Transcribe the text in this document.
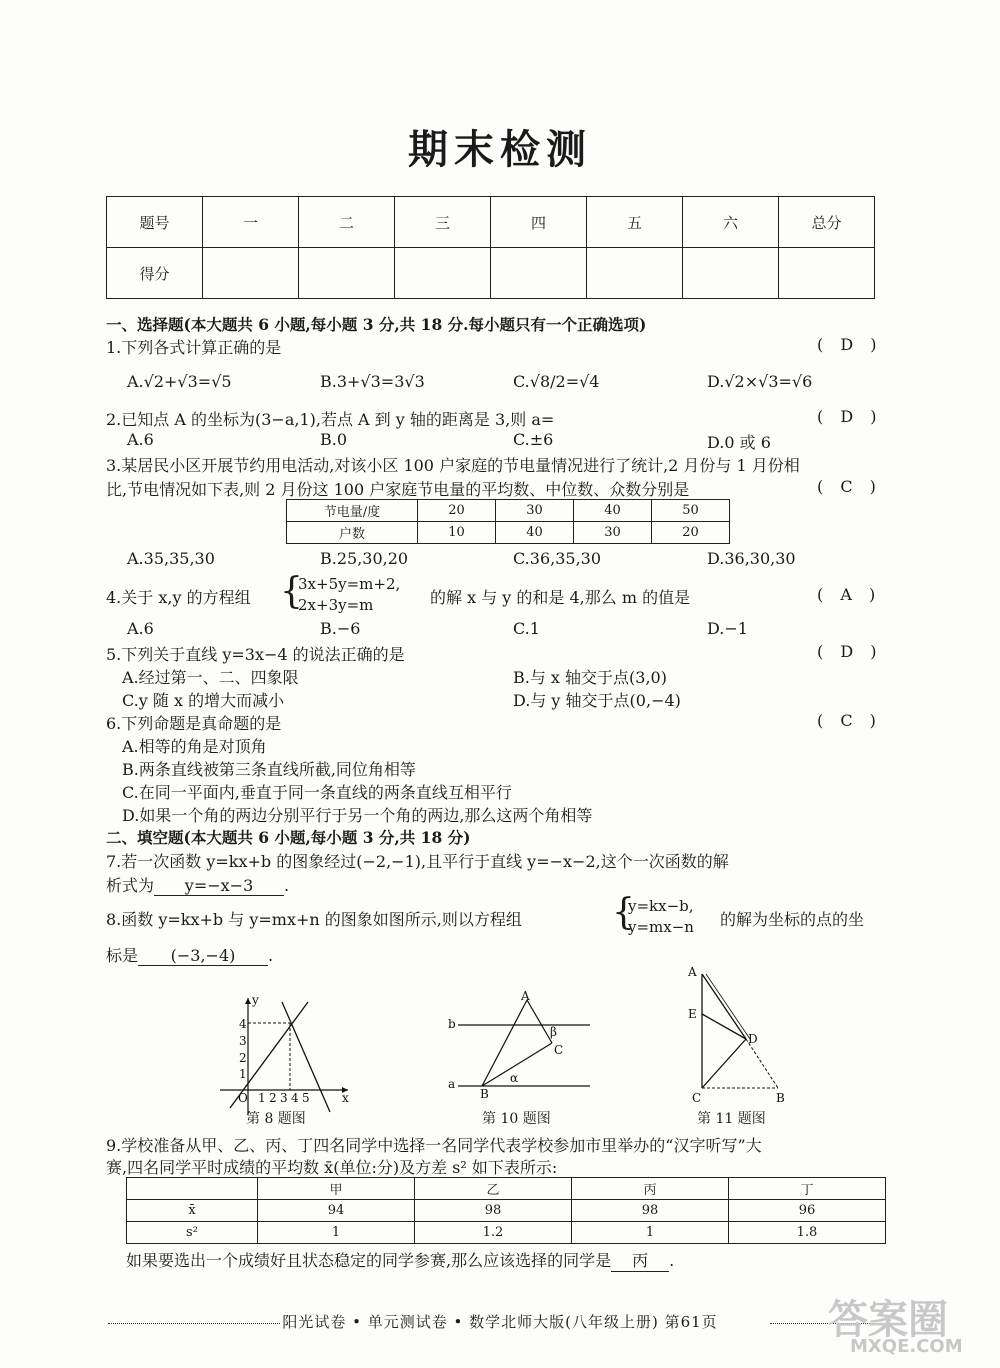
期末检测
题号	一	二	三	四	五	六	总分
得分							
一、选择题(本大题共 6 小题,每小题 3 分,共 18 分.每小题只有一个正确选项)
1.下列各式计算正确的是	( D )
A.√2+√3=√5	B.3+√3=3√3	C.√8/2=√4	D.√2×√3=√6
2.已知点 A 的坐标为(3−a,1),若点 A 到 y 轴的距离是 3,则 a=	( D )
A.6	B.0	C.±6	D.0 或 6
3.某居民小区开展节约用电活动,对该小区 100 户家庭的节电量情况进行了统计,2 月份与 1 月份相
比,节电情况如下表,则 2 月份这 100 户家庭节电量的平均数、中位数、众数分别是	( C )
节电量/度	20	30	40	50
户数	10	40	30	20
A.35,35,30	B.25,30,20	C.36,35,30	D.36,30,30
4.关于 x,y 的方程组 {
3x+5y=m+2,
2x+3y=m	的解 x 与 y 的和是 4,那么 m 的值是	( A )
A.6	B.−6	C.1	D.−1
5.下列关于直线 y=3x−4 的说法正确的是	( D )
A.经过第一、二、四象限	B.与 x 轴交于点(3,0)
C.y 随 x 的增大而减小	D.与 y 轴交于点(0,−4)
6.下列命题是真命题的是	( C )
A.相等的角是对顶角
B.两条直线被第三条直线所截,同位角相等
C.在同一平面内,垂直于同一条直线的两条直线互相平行
D.如果一个角的两边分别平行于另一个角的两边,那么这两个角相等
二、填空题(本大题共 6 小题,每小题 3 分,共 18 分)
7.若一次函数 y=kx+b 的图象经过(−2,−1),且平行于直线 y=−x−2,这个一次函数的解
析式为 y=−x−3 .
8.函数 y=kx+b 与 y=mx+n 的图象如图所示,则以方程组	{
y=kx−b,
y=mx−n 的解为坐标的点的坐
标是 (−3,−4) .
y
x
O 1 2 3 4 5
1
2
3
4
第 8 题图
A
b
β
C
a
B
α
第 10 题图
A
E
D
C	B
第 11 题图
9.学校准备从甲、乙、丙、丁四名同学中选择一名同学代表学校参加市里举办的“汉字听写”大
赛,四名同学平时成绩的平均数 x̄(单位:分)及方差 s² 如下表所示:
	甲	乙	丙	丁
x̄	94	98	98	96
s²	1	1.2	1	1.8
如果要选出一个成绩好且状态稳定的同学参赛,那么应该选择的同学是 丙 .
阳光试卷 • 单元测试卷 • 数学北师大版(八年级上册) 第61页	答案圈
MXQE.COM
